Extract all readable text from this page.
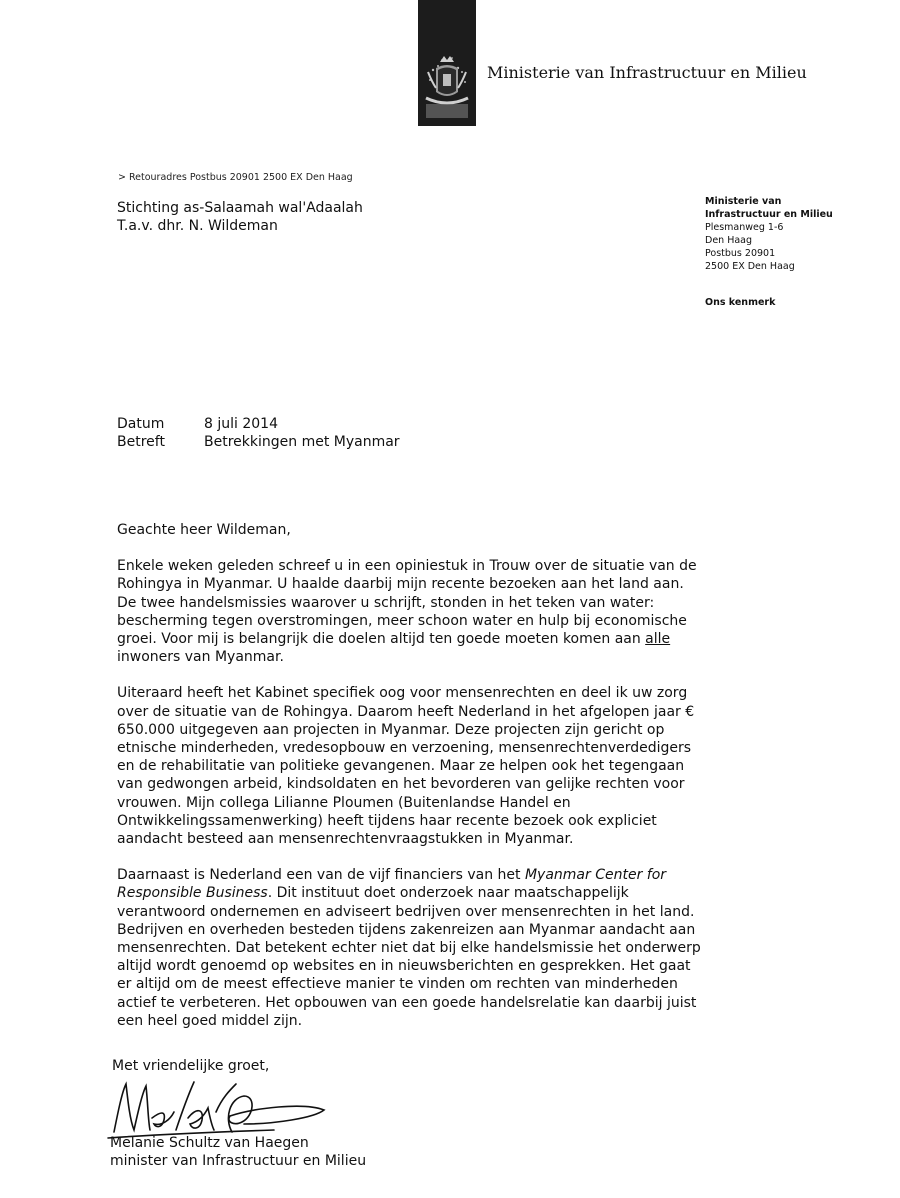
Ministerie van Infrastructuur en Milieu
> Retouradres Postbus 20901 2500 EX Den Haag
Stichting as-Salaamah wal'Adaalah
T.a.v. dhr. N. Wildeman
Ministerie van
Infrastructuur en Milieu
Plesmanweg 1-6
Den Haag
Postbus 20901
2500 EX Den Haag
Ons kenmerk
Datum	8 juli 2014
Betreft	Betrekkingen met Myanmar

Geachte heer Wildeman,

Enkele weken geleden schreef u in een opiniestuk in Trouw over de situatie van de Rohingya in Myanmar. U haalde daarbij mijn recente bezoeken aan het land aan. De twee handelsmissies waarover u schrijft, stonden in het teken van water: bescherming tegen overstromingen, meer schoon water en hulp bij economische groei. Voor mij is belangrijk die doelen altijd ten goede moeten komen aan alle inwoners van Myanmar.

Uiteraard heeft het Kabinet specifiek oog voor mensenrechten en deel ik uw zorg over de situatie van de Rohingya. Daarom heeft Nederland in het afgelopen jaar € 650.000 uitgegeven aan projecten in Myanmar. Deze projecten zijn gericht op etnische minderheden, vredesopbouw en verzoening, mensenrechtenverdedigers en de rehabilitatie van politieke gevangenen. Maar ze helpen ook het tegengaan van gedwongen arbeid, kindsoldaten en het bevorderen van gelijke rechten voor vrouwen. Mijn collega Lilianne Ploumen (Buitenlandse Handel en Ontwikkelingssamenwerking) heeft tijdens haar recente bezoek ook expliciet aandacht besteed aan mensenrechtenvraagstukken in Myanmar.

Daarnaast is Nederland een van de vijf financiers van het Myanmar Center for Responsible Business. Dit instituut doet onderzoek naar maatschappelijk verantwoord ondernemen en adviseert bedrijven over mensenrechten in het land. Bedrijven en overheden besteden tijdens zakenreizen aan Myanmar aandacht aan mensenrechten. Dat betekent echter niet dat bij elke handelsmissie het onderwerp altijd wordt genoemd op websites en in nieuwsberichten en gesprekken. Het gaat er altijd om de meest effectieve manier te vinden om rechten van minderheden actief te verbeteren. Het opbouwen van een goede handelsrelatie kan daarbij juist een heel goed middel zijn.

Met vriendelijke groet,
Melanie Schultz van Haegen
minister van Infrastructuur en Milieu
